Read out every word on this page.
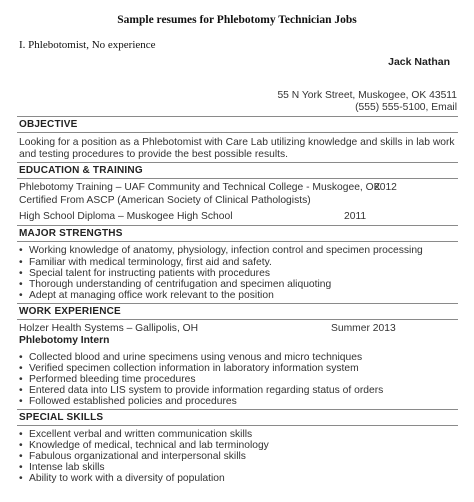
Sample resumes for Phlebotomy Technician Jobs
I. Phlebotomist, No experience
Jack Nathan
55 N York Street, Muskogee, OK 43511
(555) 555-5100, Email
OBJECTIVE
Looking for a position as a Phlebotomist with Care Lab utilizing knowledge and skills in lab work
and testing procedures to provide the best possible results.
EDUCATION & TRAINING
Phlebotomy Training – UAF Community and Technical College - Muskogee, OK
2012
Certified From ASCP (American Society of Clinical Pathologists)
High School Diploma – Muskogee High School	2011
MAJOR STRENGTHS
• Working knowledge of anatomy, physiology, infection control and specimen processing
• Familiar with medical terminology, first aid and safety.
• Special talent for instructing patients with procedures
• Thorough understanding of centrifugation and specimen aliquoting
• Adept at managing office work relevant to the position
WORK EXPERIENCE
Holzer Health Systems – Gallipolis, OH	Summer 2013
Phlebotomy Intern
• Collected blood and urine specimens using venous and micro techniques
• Verified specimen collection information in laboratory information system
• Performed bleeding time procedures
• Entered data into LIS system to provide information regarding status of orders
• Followed established policies and procedures
SPECIAL SKILLS
• Excellent verbal and written communication skills
• Knowledge of medical, technical and lab terminology
• Fabulous organizational and interpersonal skills
• Intense lab skills
• Ability to work with a diversity of population
